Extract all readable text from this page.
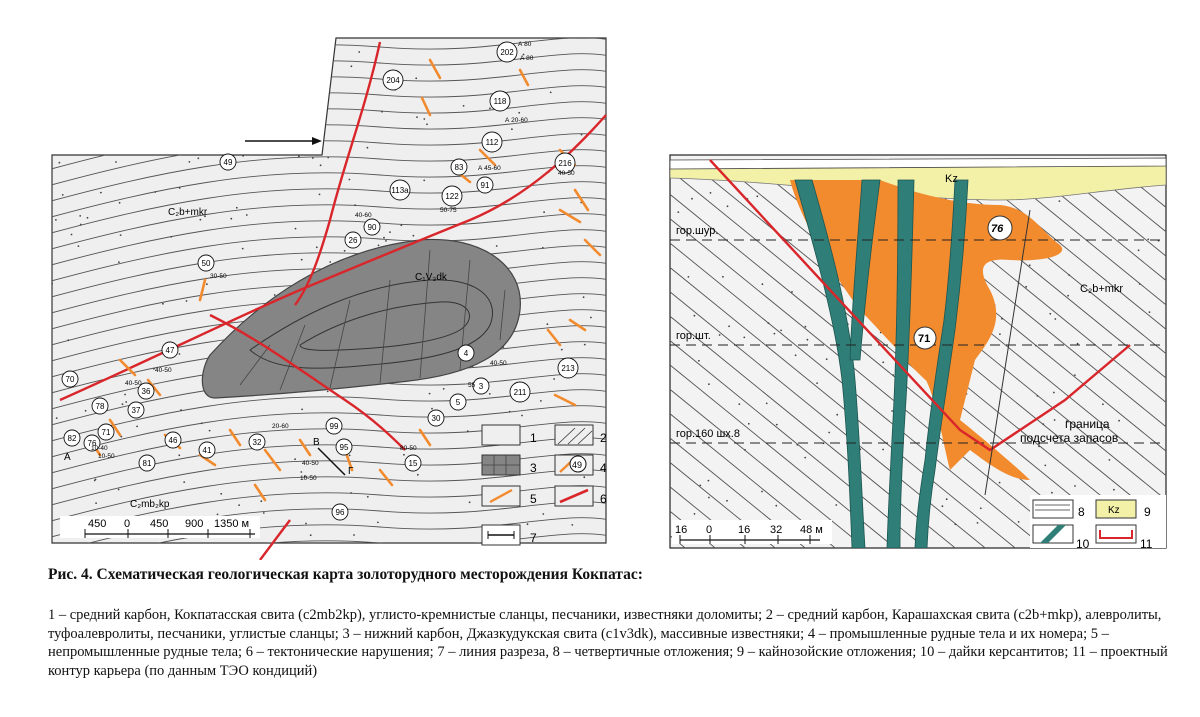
202
204
118
112
83
91
216
113а
122
26
90
49
50
47	4
3
5
211
213
70
78
76
82
71
37
36
46
41
81
32
99
95
15
30
96
А 80
А 20-60
А 45-60
40-50
40-60
50-75
30-50
40-50
40-50
20-60
10-50
40-50
10-40
40-50
10-50
80-50
55
А 80
C₂b+mkr
C₁V₃dk
C₂mb₂kp
В
Г
А
450 0 450 900 1350 м
1	2
3	49 4
5	6
7
76
71
Kz
гор.шур.
гор.шт.
гор.160 шх.8
C₂b+mkr
граница
подсчета запасов
16 0 16 32 48 м
8 Kz 9
10	11

Рис. 4. Схематическая геологическая карта золоторудного месторождения Кокпатас:

1 – средний карбон, Кокпатасская свита (c2mb2kp), углисто-кремнистые сланцы, песчаники, известняки доломиты; 2 – средний карбон, Карашахская свита (c2b+mkp), алевролиты, туфоалевролиты, песчаники, углистые сланцы; 3 – нижний карбон, Джазкудукская свита (c1v3dk), массивные известняки; 4 – промышленные рудные тела и их номера; 5 – непромышленные рудные тела; 6 – тектонические нарушения; 7 – линия разреза, 8 – четвертичные отложения; 9 – кайнозойские отложения; 10 – дайки керсантитов; 11 – проектный контур карьера (по данным ТЭО кондиций)
